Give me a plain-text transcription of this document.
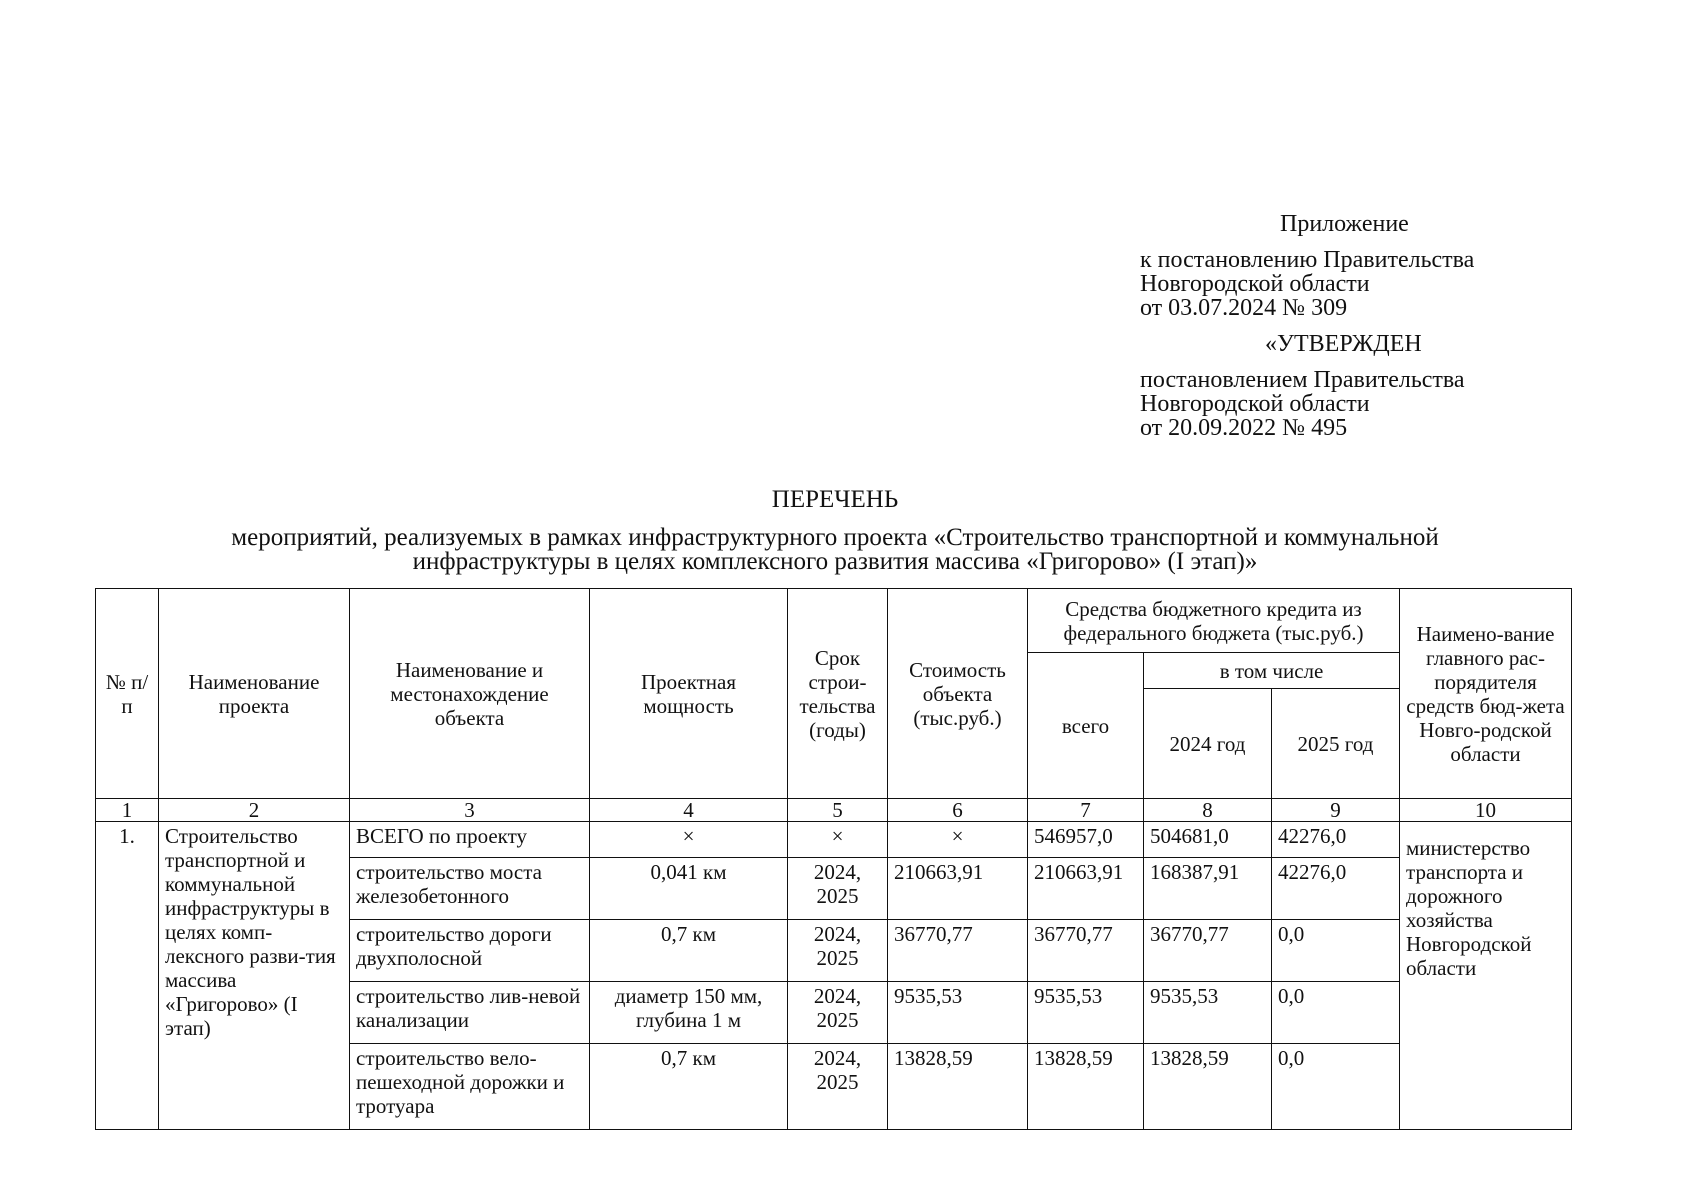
Приложение
к постановлению Правительства
Новгородской области
от 03.07.2024 № 309
«УТВЕРЖДЕН
постановлением Правительства
Новгородской области
от 20.09.2022 № 495
ПЕРЕЧЕНЬ
мероприятий, реализуемых в рамках инфраструктурного проекта «Строительство транспортной и коммунальной
инфраструктуры в целях комплексного развития массива «Григорово» (I этап)»
№ п/п	Наименование проекта	Наименование и местонахождение объекта	Проектная мощность	Срок строи-тельства (годы)	Стоимость объекта (тыс.руб.)	Средства бюджетного кредита из федерального бюджета (тыс.руб.)			Наимено-вание главного рас-порядителя средств бюд-жета Новго-родской области
						всего	в том числе		
							2024 год	2025 год	
1	2	3	4	5	6	7	8	9	10
1.	Строительство транспортной и коммунальной инфраструктуры в целях комп-лексного разви-тия массива «Григорово» (I этап)	ВСЕГО по проекту	×	×	×	546957,0	504681,0	42276,0	министерство транспорта и дорожного хозяйства Новгородской области
		строительство моста железобетонного	0,041 км	2024, 2025	210663,91	210663,91	168387,91	42276,0	
		строительство дороги двухполосной	0,7 км	2024, 2025	36770,77	36770,77	36770,77	0,0	
		строительство лив-невой канализации	диаметр 150 мм, глубина 1 м	2024, 2025	9535,53	9535,53	9535,53	0,0	
		строительство вело-пешеходной дорожки и тротуара	0,7 км	2024, 2025	13828,59	13828,59	13828,59	0,0	
